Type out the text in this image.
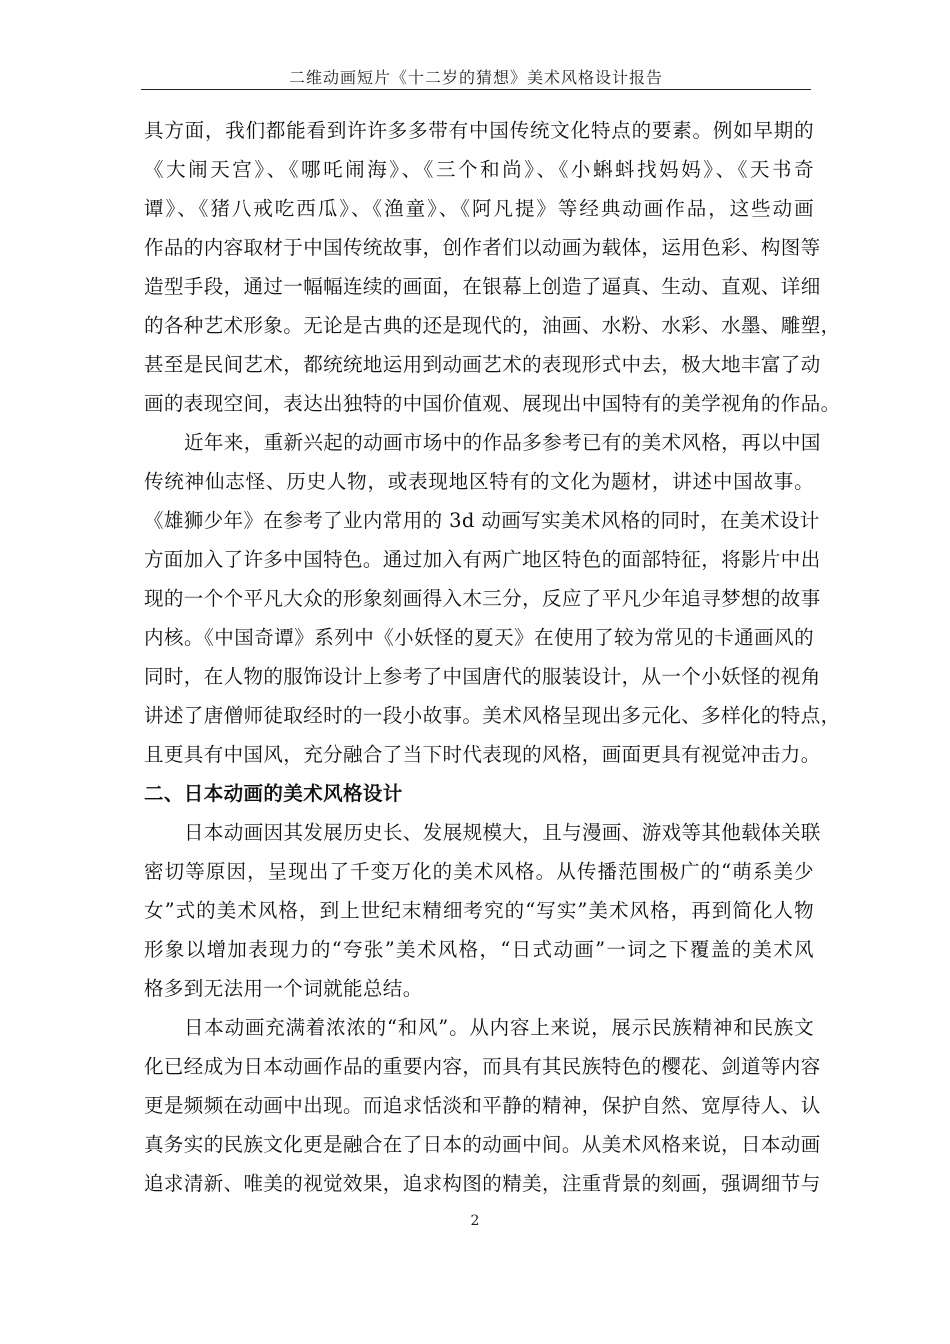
二维动画短片《十二岁的猜想》美术风格设计报告
具方面，我们都能看到许许多多带有中国传统文化特点的要素。例如早期的
《大闹天宫》、《哪吒闹海》、《三个和尚》、《小蝌蚪找妈妈》、《天书奇
谭》、《猪八戒吃西瓜》、《渔童》、《阿凡提》等经典动画作品，这些动画
作品的内容取材于中国传统故事，创作者们以动画为载体，运用色彩、构图等
造型手段，通过一幅幅连续的画面，在银幕上创造了逼真、生动、直观、详细
的各种艺术形象。无论是古典的还是现代的，油画、水粉、水彩、水墨、雕塑，
甚至是民间艺术，都统统地运用到动画艺术的表现形式中去，极大地丰富了动
画的表现空间，表达出独特的中国价值观、展现出中国特有的美学视角的作品。
近年来，重新兴起的动画市场中的作品多参考已有的美术风格，再以中国
传统神仙志怪、历史人物，或表现地区特有的文化为题材，讲述中国故事。
《雄狮少年》在参考了业内常用的 3d 动画写实美术风格的同时，在美术设计
方面加入了许多中国特色。通过加入有两广地区特色的面部特征，将影片中出
现的一个个平凡大众的形象刻画得入木三分，反应了平凡少年追寻梦想的故事
内核。《中国奇谭》系列中《小妖怪的夏天》在使用了较为常见的卡通画风的
同时，在人物的服饰设计上参考了中国唐代的服装设计，从一个小妖怪的视角
讲述了唐僧师徒取经时的一段小故事。美术风格呈现出多元化、多样化的特点，
且更具有中国风，充分融合了当下时代表现的风格，画面更具有视觉冲击力。
二、日本动画的美术风格设计
日本动画因其发展历史长、发展规模大，且与漫画、游戏等其他载体关联
密切等原因，呈现出了千变万化的美术风格。从传播范围极广的“萌系美少
女”式的美术风格，到上世纪末精细考究的“写实”美术风格，再到简化人物
形象以增加表现力的“夸张”美术风格，“日式动画”一词之下覆盖的美术风
格多到无法用一个词就能总结。
日本动画充满着浓浓的“和风”。从内容上来说，展示民族精神和民族文
化已经成为日本动画作品的重要内容，而具有其民族特色的樱花、剑道等内容
更是频频在动画中出现。而追求恬淡和平静的精神，保护自然、宽厚待人、认
真务实的民族文化更是融合在了日本的动画中间。从美术风格来说，日本动画
追求清新、唯美的视觉效果，追求构图的精美，注重背景的刻画，强调细节与
2
